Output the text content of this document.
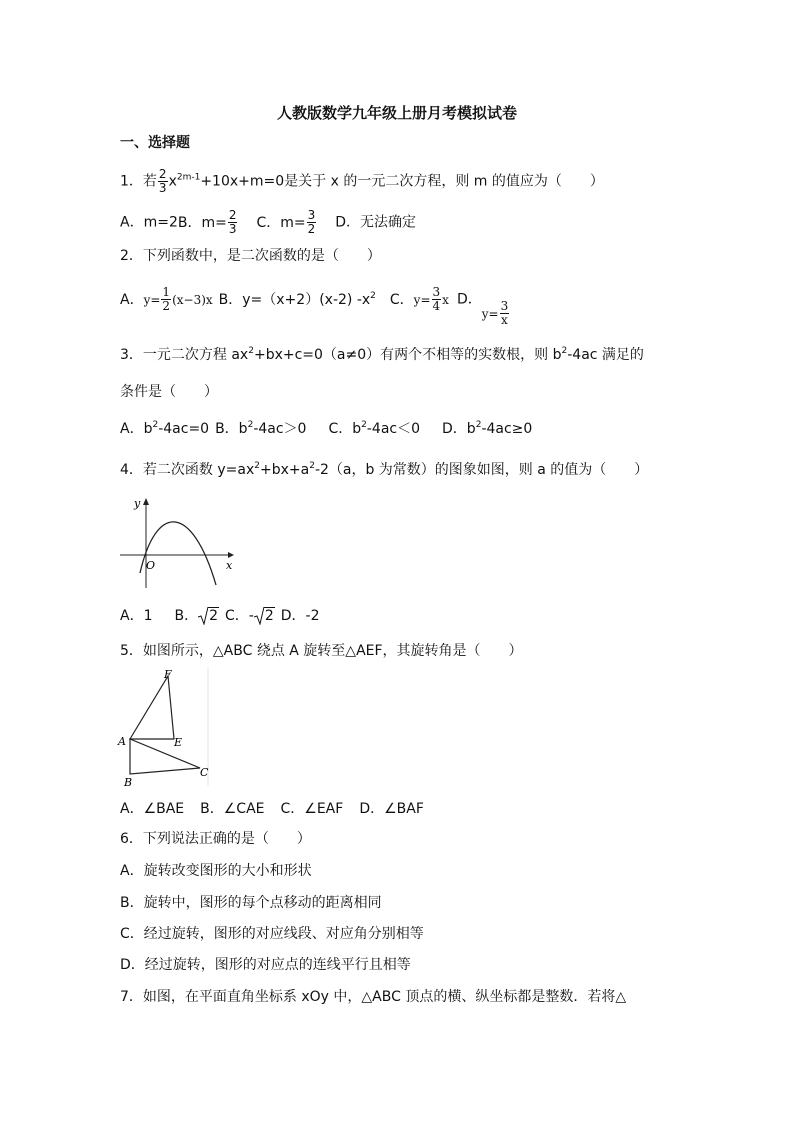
人教版数学九年级上册月考模拟试卷
一、选择题
1．若 $\frac{2}{3} x^{2m-1}+10x+m=0$是关于 x 的一元二次方程，则 m 的值应为（　　）
A．m=2B．$m= \frac{2}{3}$ C．$m= \frac{3}{2}$ D．无法确定
2．下列函数中，是二次函数的是（　　）
A．$y= \frac{1}{2} (x-3)x$ B．y=（x+2）(x-2) $-x^2$ C．$y= \frac{3}{4}$ x D．$y= \frac{3}{x}$
3．一元二次方程 $ax^2+bx+c=0(a\ne 0)$有两个不相等的实数根，则 $b^2-4ac$ 满足的
条件是（　　）
A．$b^2-4ac=0$ B．$b^2-4ac>0$ C．$b^2-4ac<0$ D．$b^2-4ac\ge 0$
4．若二次函数 $y=ax^2+bx+a^2-2(a$，b 为常数）的图象如图，则 a 的值为（　　）
y
x
O
A．1 B． 2 C．- 2 D．-2
5．如图所示，△ABC 绕点 A 旋转至△AEF，其旋转角是（　　）
F
A	E
B
C
A．∠BAE B．∠CAE C．∠EAF D．∠BAF
6．下列说法正确的是（　　）
A．旋转改变图形的大小和形状
B．旋转中，图形的每个点移动的距离相同
C．经过旋转，图形的对应线段、对应角分别相等
D．经过旋转，图形的对应点的连线平行且相等
7．如图，在平面直角坐标系 xOy 中，△ABC 顶点的横、纵坐标都是整数．若将△
